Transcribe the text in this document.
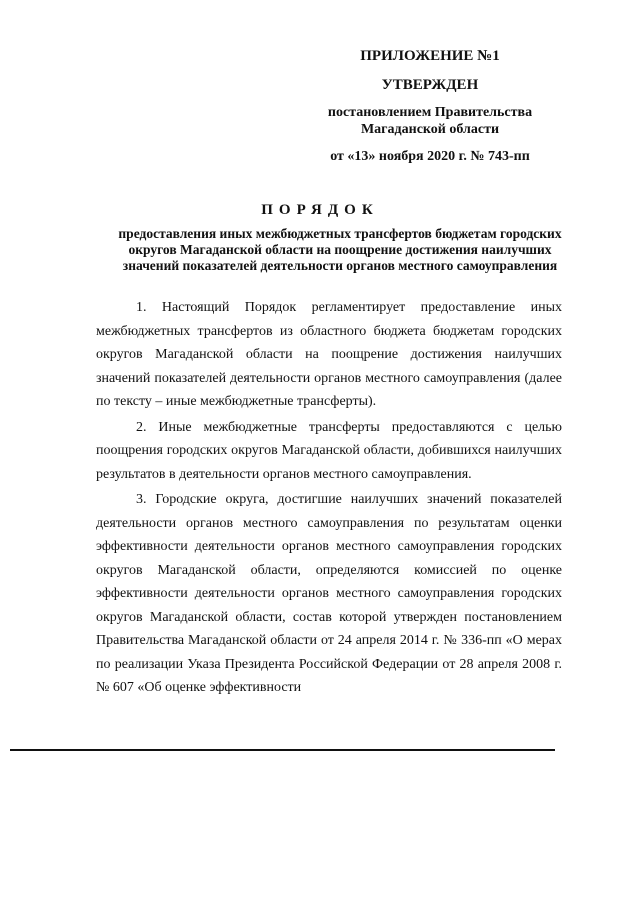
ПРИЛОЖЕНИЕ №1
УТВЕРЖДЕН
постановлением Правительства
Магаданской области
от «13» ноября 2020 г. № 743-пп
ПОРЯДОК
предоставления иных межбюджетных трансфертов бюджетам городских округов Магаданской области на поощрение достижения наилучших значений показателей деятельности органов местного самоуправления

1. Настоящий Порядок регламентирует предоставление иных межбюджетных трансфертов из областного бюджета бюджетам городских округов Магаданской области на поощрение достижения наилучших значений показателей деятельности органов местного самоуправления (далее по тексту – иные межбюджетные трансферты).

2. Иные межбюджетные трансферты предоставляются с целью поощрения городских округов Магаданской области, добившихся наилучших результатов в деятельности органов местного самоуправления.

3. Городские округа, достигшие наилучших значений показателей деятельности органов местного самоуправления по результатам оценки эффективности деятельности органов местного самоуправления городских округов Магаданской области, определяются комиссией по оценке эффективности деятельности органов местного самоуправления городских округов Магаданской области, состав которой утвержден постановлением Правительства Магаданской области от 24 апреля 2014 г. № 336-пп «О мерах по реализации Указа Президента Российской Федерации от 28 апреля 2008 г. № 607 «Об оценке эффективности
